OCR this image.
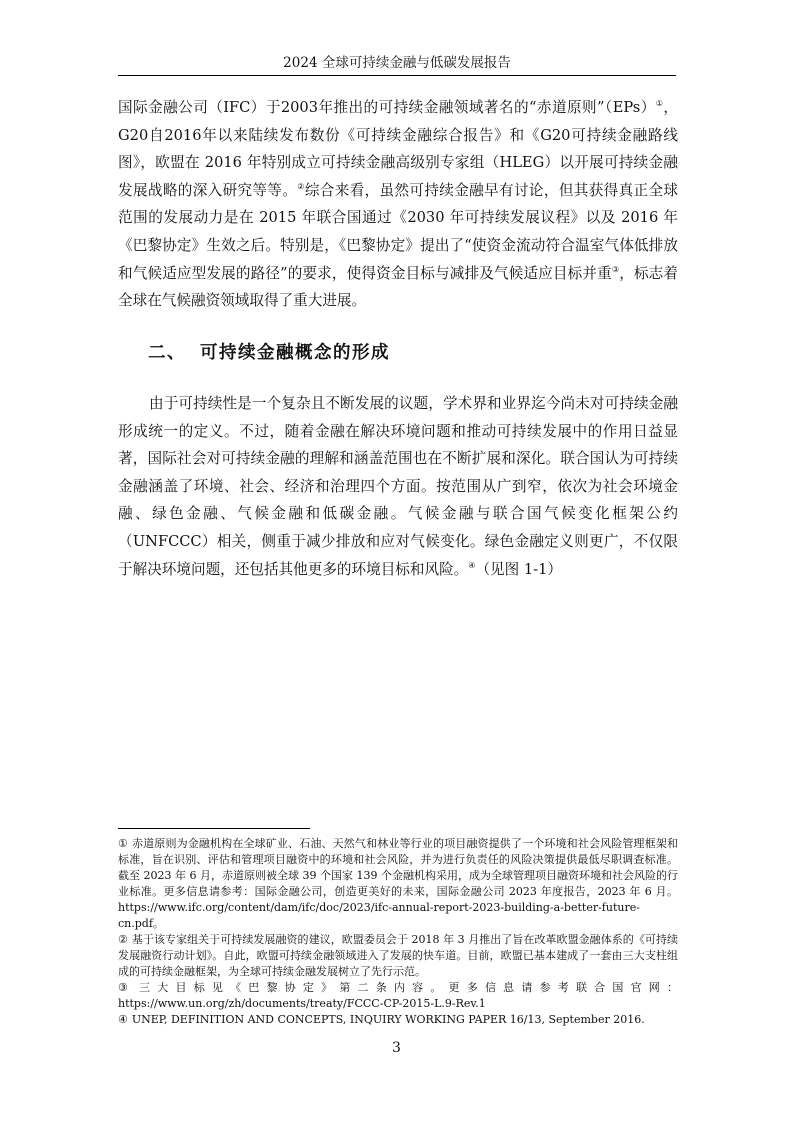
2024 全球可持续金融与低碳发展报告

国际金融公司（IFC）于2003年推出的可持续金融领域著名的“赤道原则”（EPs）①，G20自2016年以来陆续发布数份《可持续金融综合报告》和《G20可持续金融路线图》，欧盟在 2016 年特别成立可持续金融高级别专家组（HLEG）以开展可持续金融发展战略的深入研究等等。②综合来看，虽然可持续金融早有讨论，但其获得真正全球范围的发展动力是在 2015 年联合国通过《2030 年可持续发展议程》以及 2016 年《巴黎协定》生效之后。特别是，《巴黎协定》提出了“使资金流动符合温室气体低排放和气候适应型发展的路径”的要求，使得资金目标与减排及气候适应目标并重③，标志着全球在气候融资领域取得了重大进展。

二、 可持续金融概念的形成

由于可持续性是一个复杂且不断发展的议题，学术界和业界迄今尚未对可持续金融形成统一的定义。不过，随着金融在解决环境问题和推动可持续发展中的作用日益显著，国际社会对可持续金融的理解和涵盖范围也在不断扩展和深化。联合国认为可持续金融涵盖了环境、社会、经济和治理四个方面。按范围从广到窄，依次为社会环境金融、绿色金融、气候金融和低碳金融。气候金融与联合国气候变化框架公约（UNFCCC）相关，侧重于减少排放和应对气候变化。绿色金融定义则更广，不仅限于解决环境问题，还包括其他更多的环境目标和风险。④（见图 1-1）

① 赤道原则为金融机构在全球矿业、石油、天然气和林业等行业的项目融资提供了一个环境和社会风险管理框架和标准，旨在识别、评估和管理项目融资中的环境和社会风险，并为进行负责任的风险决策提供最低尽职调查标准。截至 2023 年 6 月，赤道原则被全球 39 个国家 139 个金融机构采用，成为全球管理项目融资环境和社会风险的行业标准。更多信息请参考：国际金融公司，创造更美好的未来，国际金融公司 2023 年度报告，2023 年 6 月。https://www.ifc.org/content/dam/ifc/doc/2023/ifc-annual-report-2023-building-a-better-future-cn.pdf。
② 基于该专家组关于可持续发展融资的建议，欧盟委员会于 2018 年 3 月推出了旨在改革欧盟金融体系的《可持续发展融资行动计划》。自此，欧盟可持续金融领域进入了发展的快车道。目前，欧盟已基本建成了一套由三大支柱组成的可持续金融框架，为全球可持续金融发展树立了先行示范。
③ 三大目标见《巴黎协定》第二条内容。更多信息请参考联合国官网：https://www.un.org/zh/documents/treaty/FCCC-CP-2015-L.9-Rev.1
④ UNEP, DEFINITION AND CONCEPTS, INQUIRY WORKING PAPER 16/13, September 2016.
3
